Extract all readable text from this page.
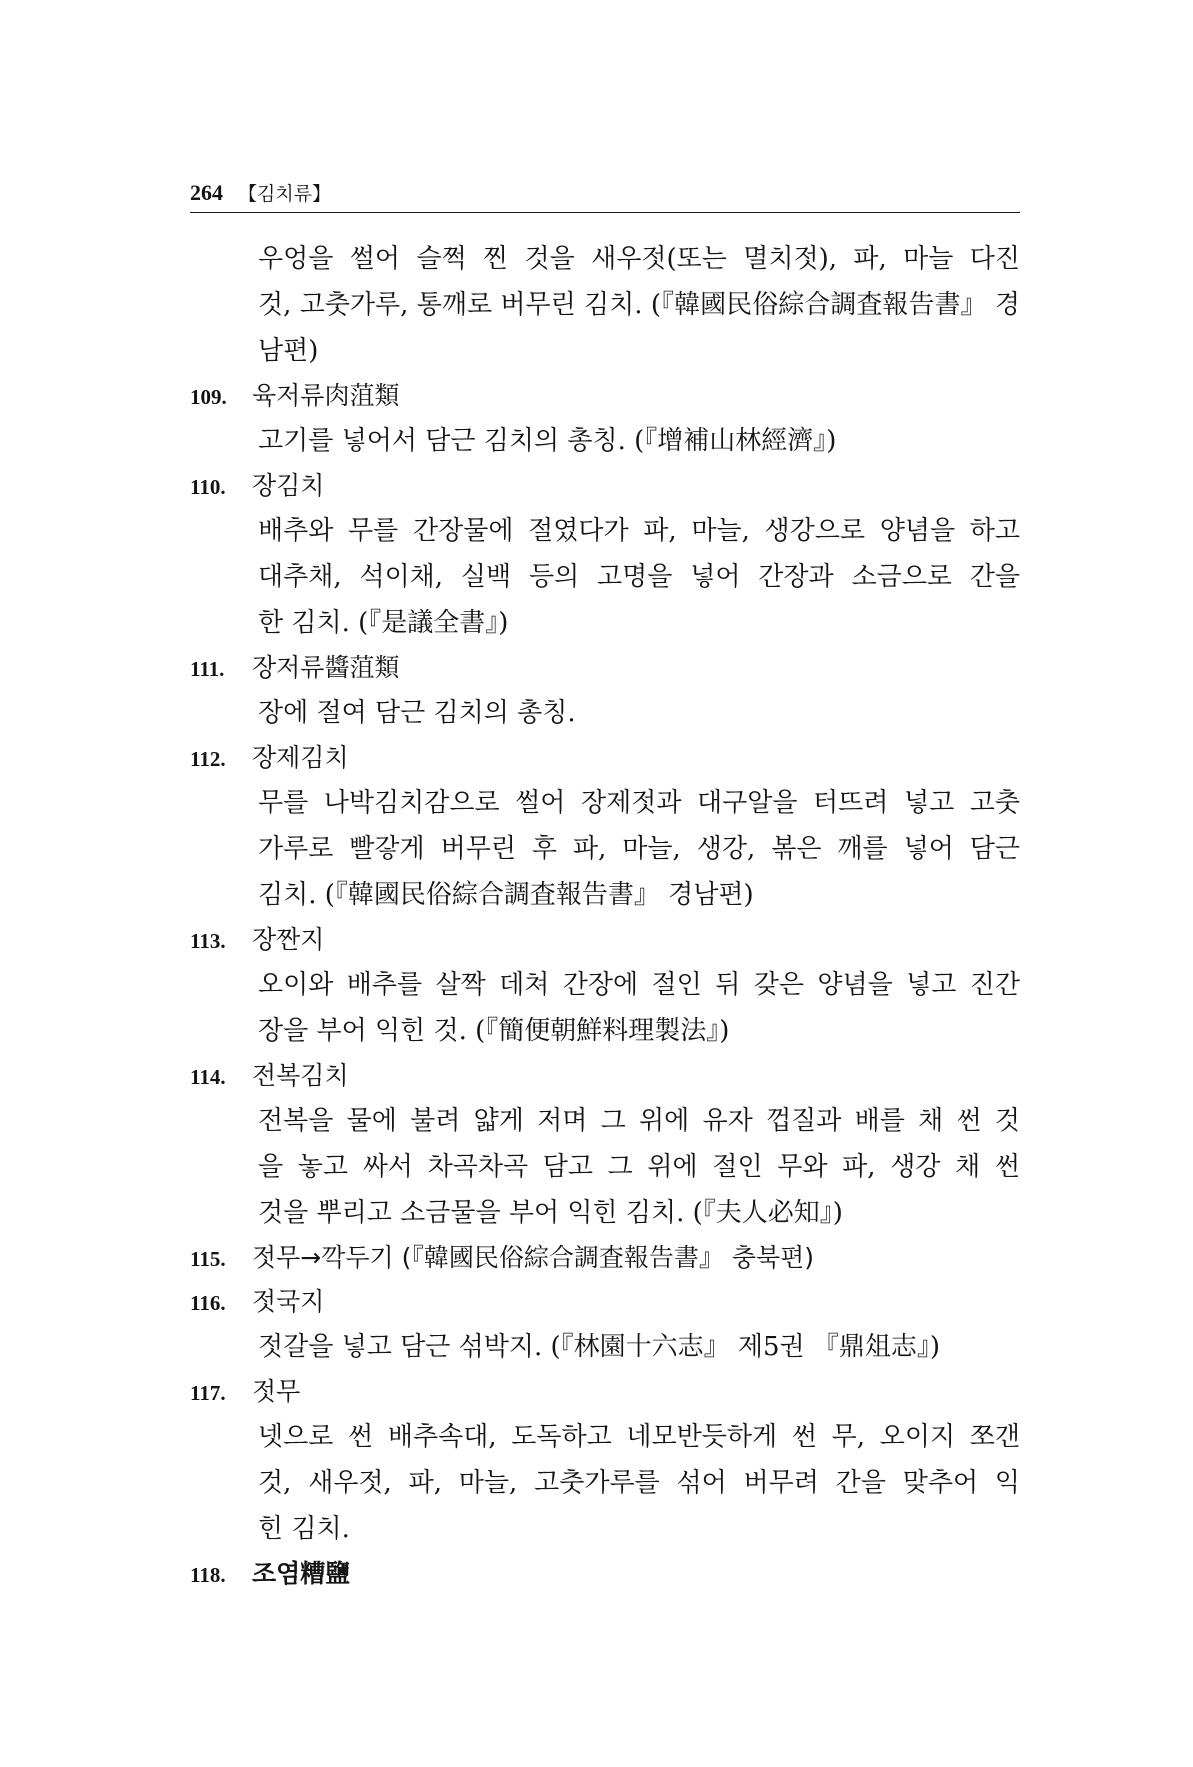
264 【김치류】
우엉을 썰어 슬쩍 찐 것을 새우젓(또는 멸치젓), 파, 마늘 다진
것, 고춧가루, 통깨로 버무린 김치. (『韓國民俗綜合調査報告書』 경
남편)
109. 육저류肉菹類
고기를 넣어서 담근 김치의 총칭. (『增補山林經濟』)
110. 장김치
배추와 무를 간장물에 절였다가 파, 마늘, 생강으로 양념을 하고
대추채, 석이채, 실백 등의 고명을 넣어 간장과 소금으로 간을
한 김치. (『是議全書』)
111. 장저류醬菹類
장에 절여 담근 김치의 총칭.
112. 장제김치
무를 나박김치감으로 썰어 장제젓과 대구알을 터뜨려 넣고 고춧
가루로 빨갛게 버무린 후 파, 마늘, 생강, 볶은 깨를 넣어 담근
김치. (『韓國民俗綜合調査報告書』 경남편)
113. 장짠지
오이와 배추를 살짝 데쳐 간장에 절인 뒤 갖은 양념을 넣고 진간
장을 부어 익힌 것. (『簡便朝鮮料理製法』)
114. 전복김치
전복을 물에 불려 얇게 저며 그 위에 유자 껍질과 배를 채 썬 것
을 놓고 싸서 차곡차곡 담고 그 위에 절인 무와 파, 생강 채 썬
것을 뿌리고 소금물을 부어 익힌 김치. (『夫人必知』)
115. 젓무→깍두기 (『韓國民俗綜合調査報告書』 충북편)
116. 젓국지
젓갈을 넣고 담근 섞박지. (『林園十六志』 제5권 『鼎俎志』)
117. 젓무
넷으로 썬 배추속대, 도독하고 네모반듯하게 썬 무, 오이지 쪼갠
것, 새우젓, 파, 마늘, 고춧가루를 섞어 버무려 간을 맞추어 익
힌 김치.
118. 조염糟鹽
